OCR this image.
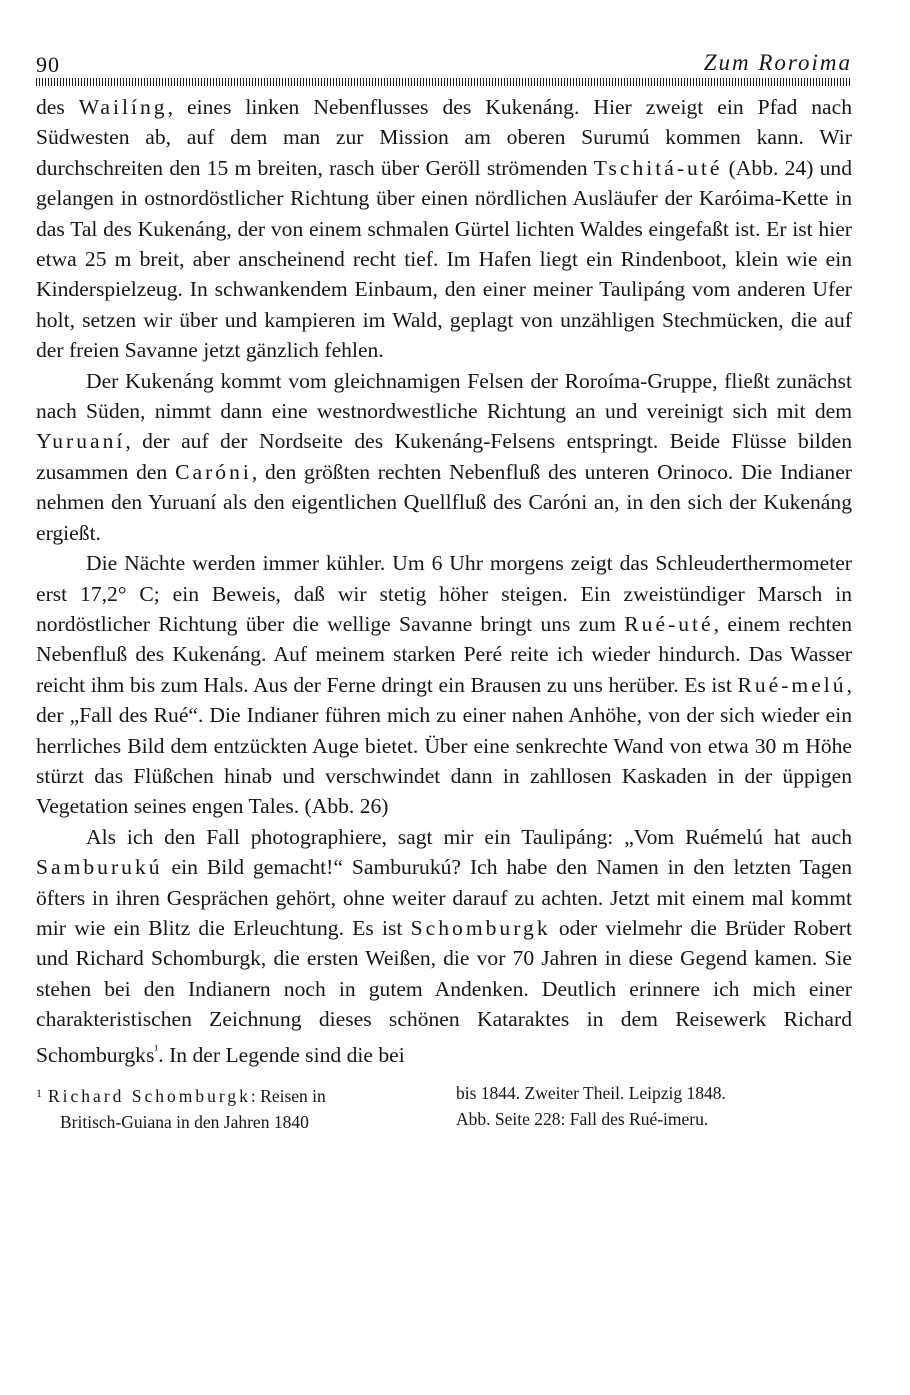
90	Zum Roroima

des Wailíng, eines linken Nebenflusses des Kukenáng. Hier zweigt ein Pfad nach Südwesten ab, auf dem man zur Mission am oberen Surumú kommen kann. Wir durchschreiten den 15 m breiten, rasch über Geröll strömenden Tschitá-uté (Abb. 24) und gelangen in ostnordöstlicher Richtung über einen nördlichen Ausläufer der Karóima-Kette in das Tal des Kukenáng, der von einem schmalen Gürtel lichten Waldes eingefaßt ist. Er ist hier etwa 25 m breit, aber anscheinend recht tief. Im Hafen liegt ein Rindenboot, klein wie ein Kinderspielzeug. In schwankendem Einbaum, den einer meiner Taulipáng vom anderen Ufer holt, setzen wir über und kampieren im Wald, geplagt von unzähligen Stechmücken, die auf der freien Savanne jetzt gänzlich fehlen.

Der Kukenáng kommt vom gleichnamigen Felsen der Roroíma-Gruppe, fließt zunächst nach Süden, nimmt dann eine westnordwestliche Richtung an und vereinigt sich mit dem Yuruaní, der auf der Nordseite des Kukenáng-Felsens entspringt. Beide Flüsse bilden zusammen den Caróni, den größten rechten Nebenfluß des unteren Orinoco. Die Indianer nehmen den Yuruaní als den eigentlichen Quellfluß des Caróni an, in den sich der Kukenáng ergießt.

Die Nächte werden immer kühler. Um 6 Uhr morgens zeigt das Schleuderthermometer erst 17,2° C; ein Beweis, daß wir stetig höher steigen. Ein zweistündiger Marsch in nordöstlicher Richtung über die wellige Savanne bringt uns zum Rué-uté, einem rechten Nebenfluß des Kukenáng. Auf meinem starken Peré reite ich wieder hindurch. Das Wasser reicht ihm bis zum Hals. Aus der Ferne dringt ein Brausen zu uns herüber. Es ist Rué-melú, der „Fall des Rué“. Die Indianer führen mich zu einer nahen Anhöhe, von der sich wieder ein herrliches Bild dem entzückten Auge bietet. Über eine senkrechte Wand von etwa 30 m Höhe stürzt das Flüßchen hinab und verschwindet dann in zahllosen Kaskaden in der üppigen Vegetation seines engen Tales. (Abb. 26)

Als ich den Fall photographiere, sagt mir ein Taulipáng: „Vom Ruémelú hat auch Samburukú ein Bild gemacht!“ Samburukú? Ich habe den Namen in den letzten Tagen öfters in ihren Gesprächen gehört, ohne weiter darauf zu achten. Jetzt mit einem mal kommt mir wie ein Blitz die Erleuchtung. Es ist Schomburgk oder vielmehr die Brüder Robert und Richard Schomburgk, die ersten Weißen, die vor 70 Jahren in diese Gegend kamen. Sie stehen bei den Indianern noch in gutem Andenken. Deutlich erinnere ich mich einer charakteristischen Zeichnung dieses schönen Kataraktes in dem Reisewerk Richard Schomburgks$^{^1}$. In der Legende sind die bei

$^1$ Richard Schomburgk: Reisen in
Britisch-Guiana in den Jahren 1840
bis 1844. Zweiter Theil. Leipzig 1848.
Abb. Seite 228: Fall des Rué-imeru.
